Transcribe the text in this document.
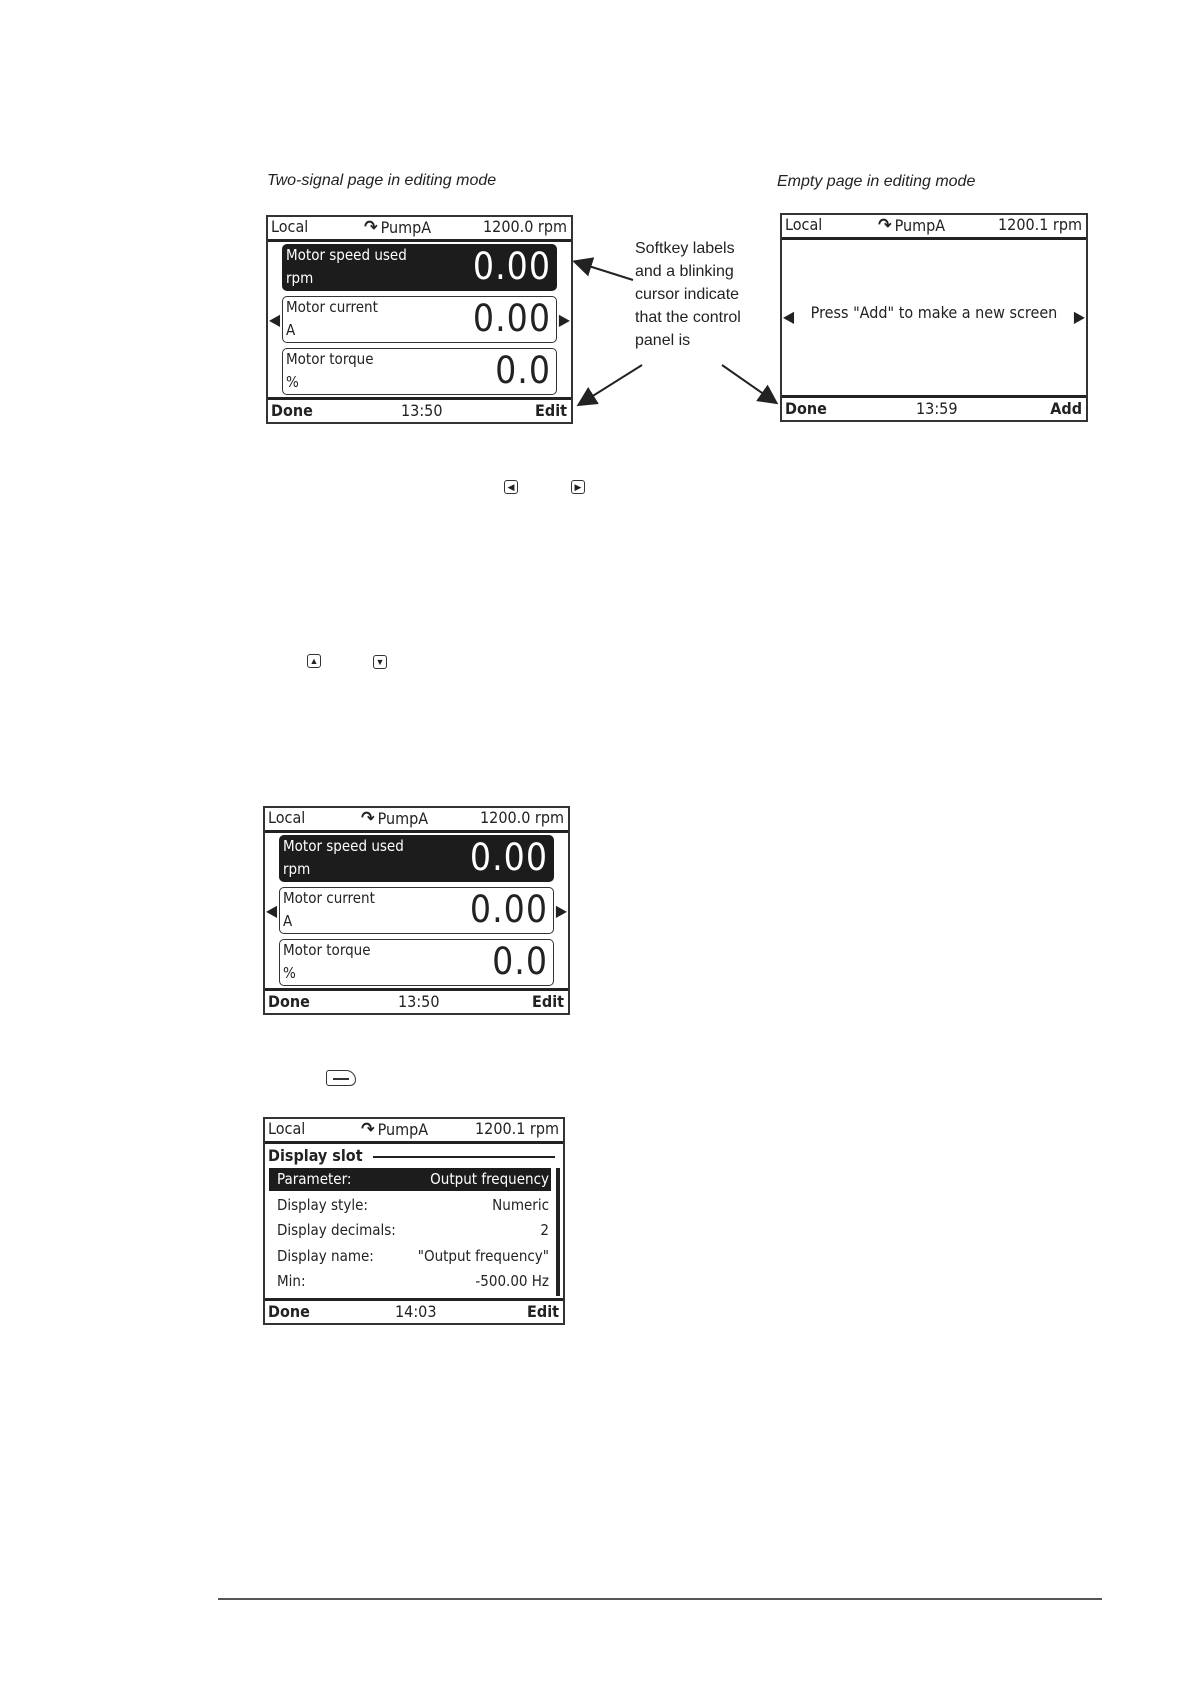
Two-signal page in editing mode	Empty page in editing mode
Softkey labels and a blinking cursor indicate that the control panel is
Local	↷ PumpA	1200.0 rpm
◀	▶
Motor speed used
rpm	0.00
Motor current
A	0.00
Motor torque
%	0.0
Done	13:50	Edit
Local	↷ PumpA	1200.1 rpm
◀	▶
Press "Add" to make a new screen
Done	13:59	Add
◀	▶
▲	▼
Local	↷ PumpA	1200.0 rpm
◀	▶
Motor speed used
rpm	0.00
Motor current
A	0.00
Motor torque
%	0.0
Done	13:50	Edit
Local	↷ PumpA	1200.1 rpm
Display slot
Parameter:	Output frequency
Display style:	Numeric
Display decimals:	2
Display name:	"Output frequency"
Min:	-500.00 Hz
Done	14:03	Edit
